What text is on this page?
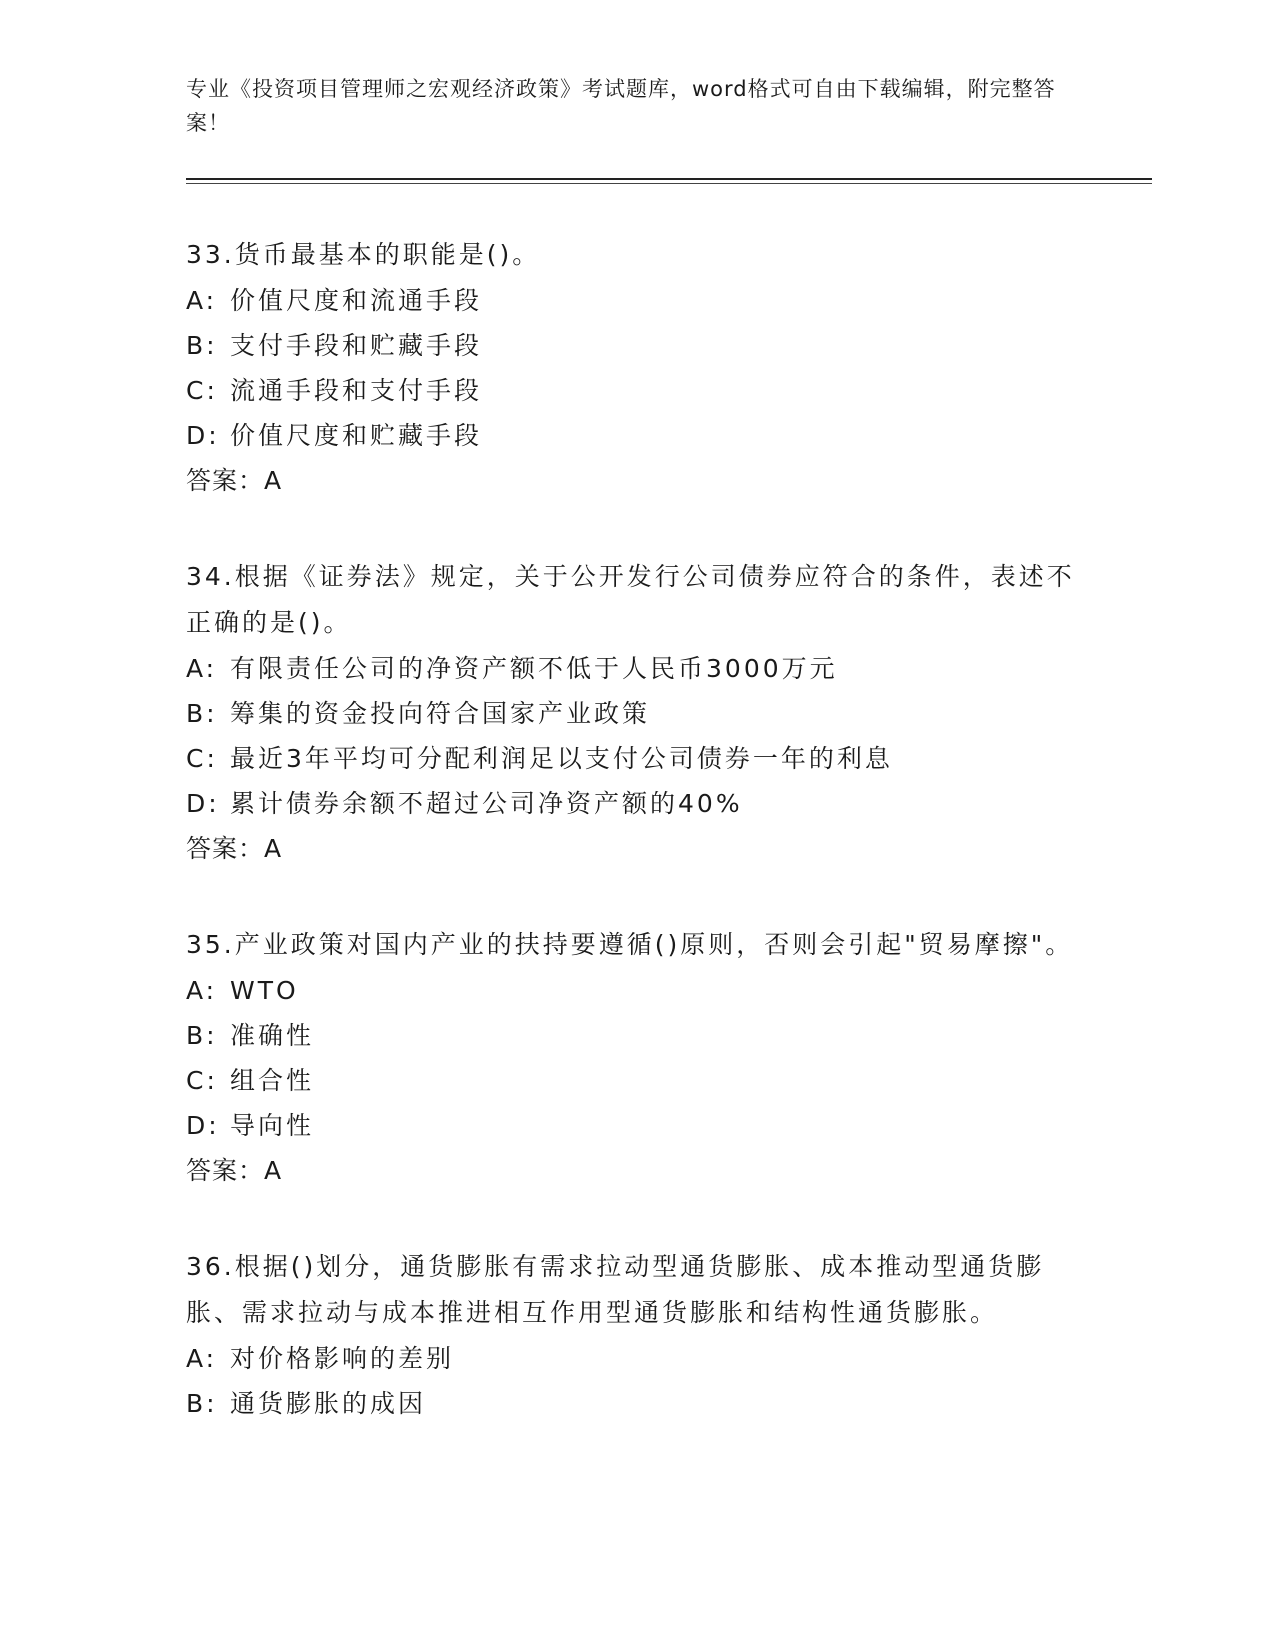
专业《投资项目管理师之宏观经济政策》考试题库，word格式可自由下载编辑，附完整答案！

33.货币最基本的职能是()。

A: 价值尺度和流通手段

B: 支付手段和贮藏手段

C: 流通手段和支付手段

D: 价值尺度和贮藏手段

答案：A

34.根据《证券法》规定，关于公开发行公司债券应符合的条件，表述不正确的是()。

A: 有限责任公司的净资产额不低于人民币3000万元

B: 筹集的资金投向符合国家产业政策

C: 最近3年平均可分配利润足以支付公司债券一年的利息

D: 累计债券余额不超过公司净资产额的40%

答案：A

35.产业政策对国内产业的扶持要遵循()原则，否则会引起"贸易摩擦"。

A: WTO

B: 准确性

C: 组合性

D: 导向性

答案：A

36.根据()划分，通货膨胀有需求拉动型通货膨胀、成本推动型通货膨胀、需求拉动与成本推进相互作用型通货膨胀和结构性通货膨胀。

A: 对价格影响的差别

B: 通货膨胀的成因
